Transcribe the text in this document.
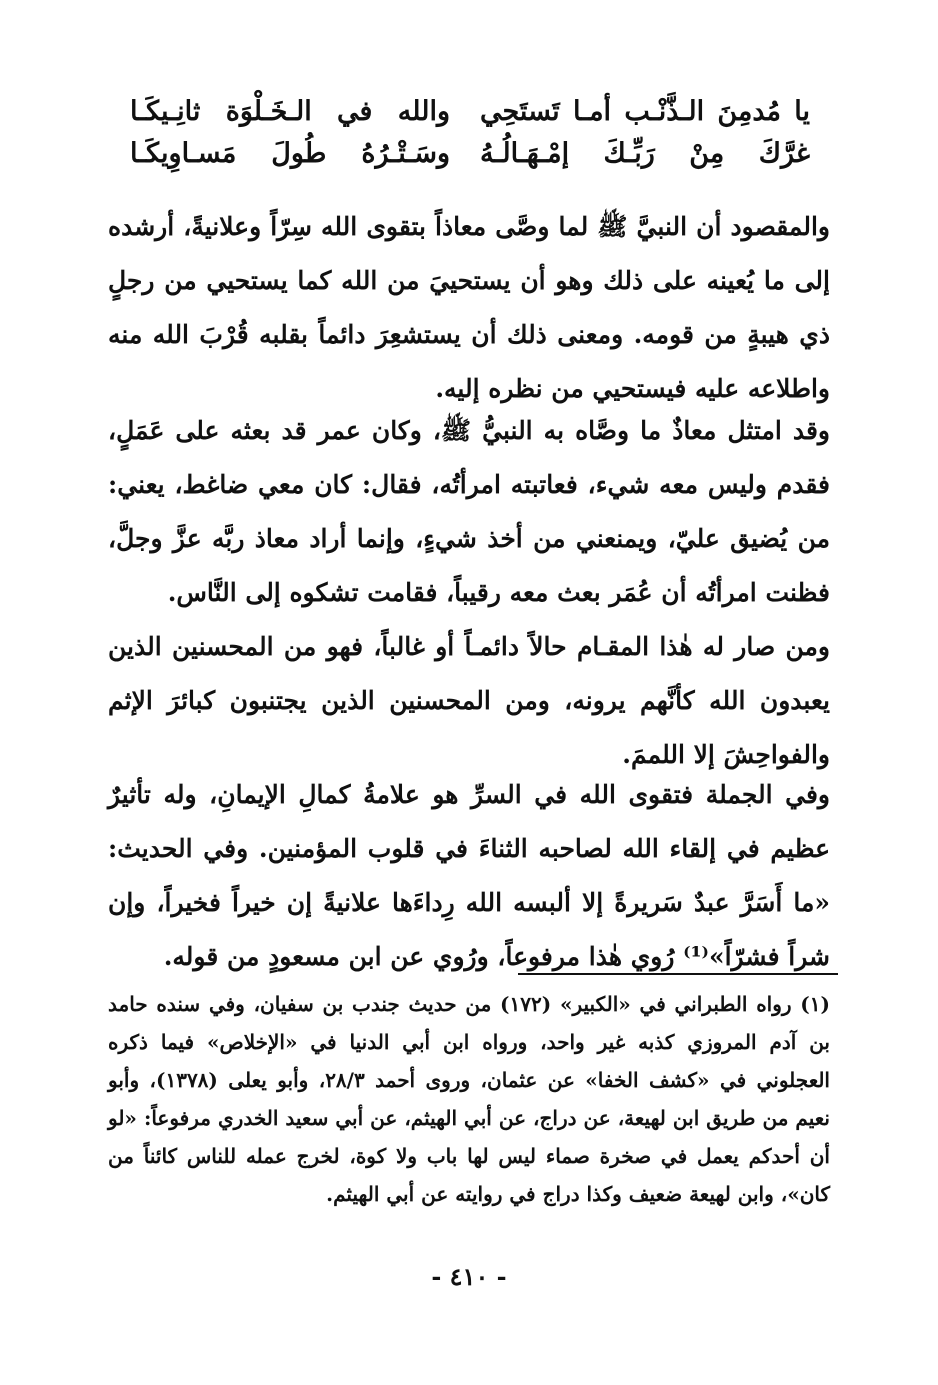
يا مُدمِنَ الـذَّنْـب أمـا تَستَحِي
والله في الـخَـلْوَة ثانِـيكَـا
غرَّكَ مِنْ رَبِّـكَ إمْـهَـالُـهُ
وسَـتْـرُهُ طُولَ مَسـاوِيكَـا

والمقصود أن النبيَّ ﷺ لما وصَّى معاذاً بتقوى الله سِرّاً وعلانيةً، أرشده إلى ما يُعينه على ذلك وهو أن يستحييَ من الله كما يستحيي من رجلٍ ذي هيبةٍ من قومه. ومعنى ذلك أن يستشعِرَ دائماً بقلبه قُرْبَ الله منه واطلاعه عليه فيستحيي من نظره إليه.

وقد امتثل معاذٌ ما وصَّاه به النبيُّ ﷺ، وكان عمر قد بعثه على عَمَلٍ، فقدم وليس معه شيء، فعاتبته امرأتُه، فقال: كان معي ضاغط، يعني: من يُضيق عليّ، ويمنعني من أخذ شيءٍ، وإنما أراد معاذ ربَّه عزَّ وجلَّ، فظنت امرأتُه أن عُمَر بعث معه رقيباً، فقامت تشكوه إلى النَّاس.

ومن صار له هٰذا المقـام حالاً دائمـاً أو غالباً، فهو من المحسنين الذين يعبدون الله كأنَّهم يرونه، ومن المحسنين الذين يجتنبون كبائرَ الإثم والفواحِشَ إلا اللممَ.

وفي الجملة فتقوى الله في السرِّ هو علامةُ كمالِ الإيمانِ، وله تأثيرٌ عظيم في إلقاء الله لصاحبه الثناءَ في قلوب المؤمنين. وفي الحديث: «ما أَسَرَّ عبدٌ سَريرةً إلا ألبسه الله رِداءَها علانيةً إن خيراً فخيراً، وإن شراً فشرّاً»⁽¹⁾ رُوي هٰذا مرفوعاً، ورُوي عن ابن مسعودٍ من قوله.

(١) رواه الطبراني في «الكبير» (١٧٢) من حديث جندب بن سفيان، وفي سنده حامد بن آدم المروزي كذبه غير واحد، ورواه ابن أبي الدنيا في «الإخلاص» فيما ذكره العجلوني في «كشف الخفا» عن عثمان، وروى أحمد ٢٨/٣، وأبو يعلى (١٣٧٨)، وأبو نعيم من طريق ابن لهيعة، عن دراج، عن أبي الهيثم، عن أبي سعيد الخدري مرفوعاً: «لو أن أحدكم يعمل في صخرة صماء ليس لها باب ولا كوة، لخرج عمله للناس كائناً من كان»، وابن لهيعة ضعيف وكذا دراج في روايته عن أبي الهيثم.

- ٤١٠ -
